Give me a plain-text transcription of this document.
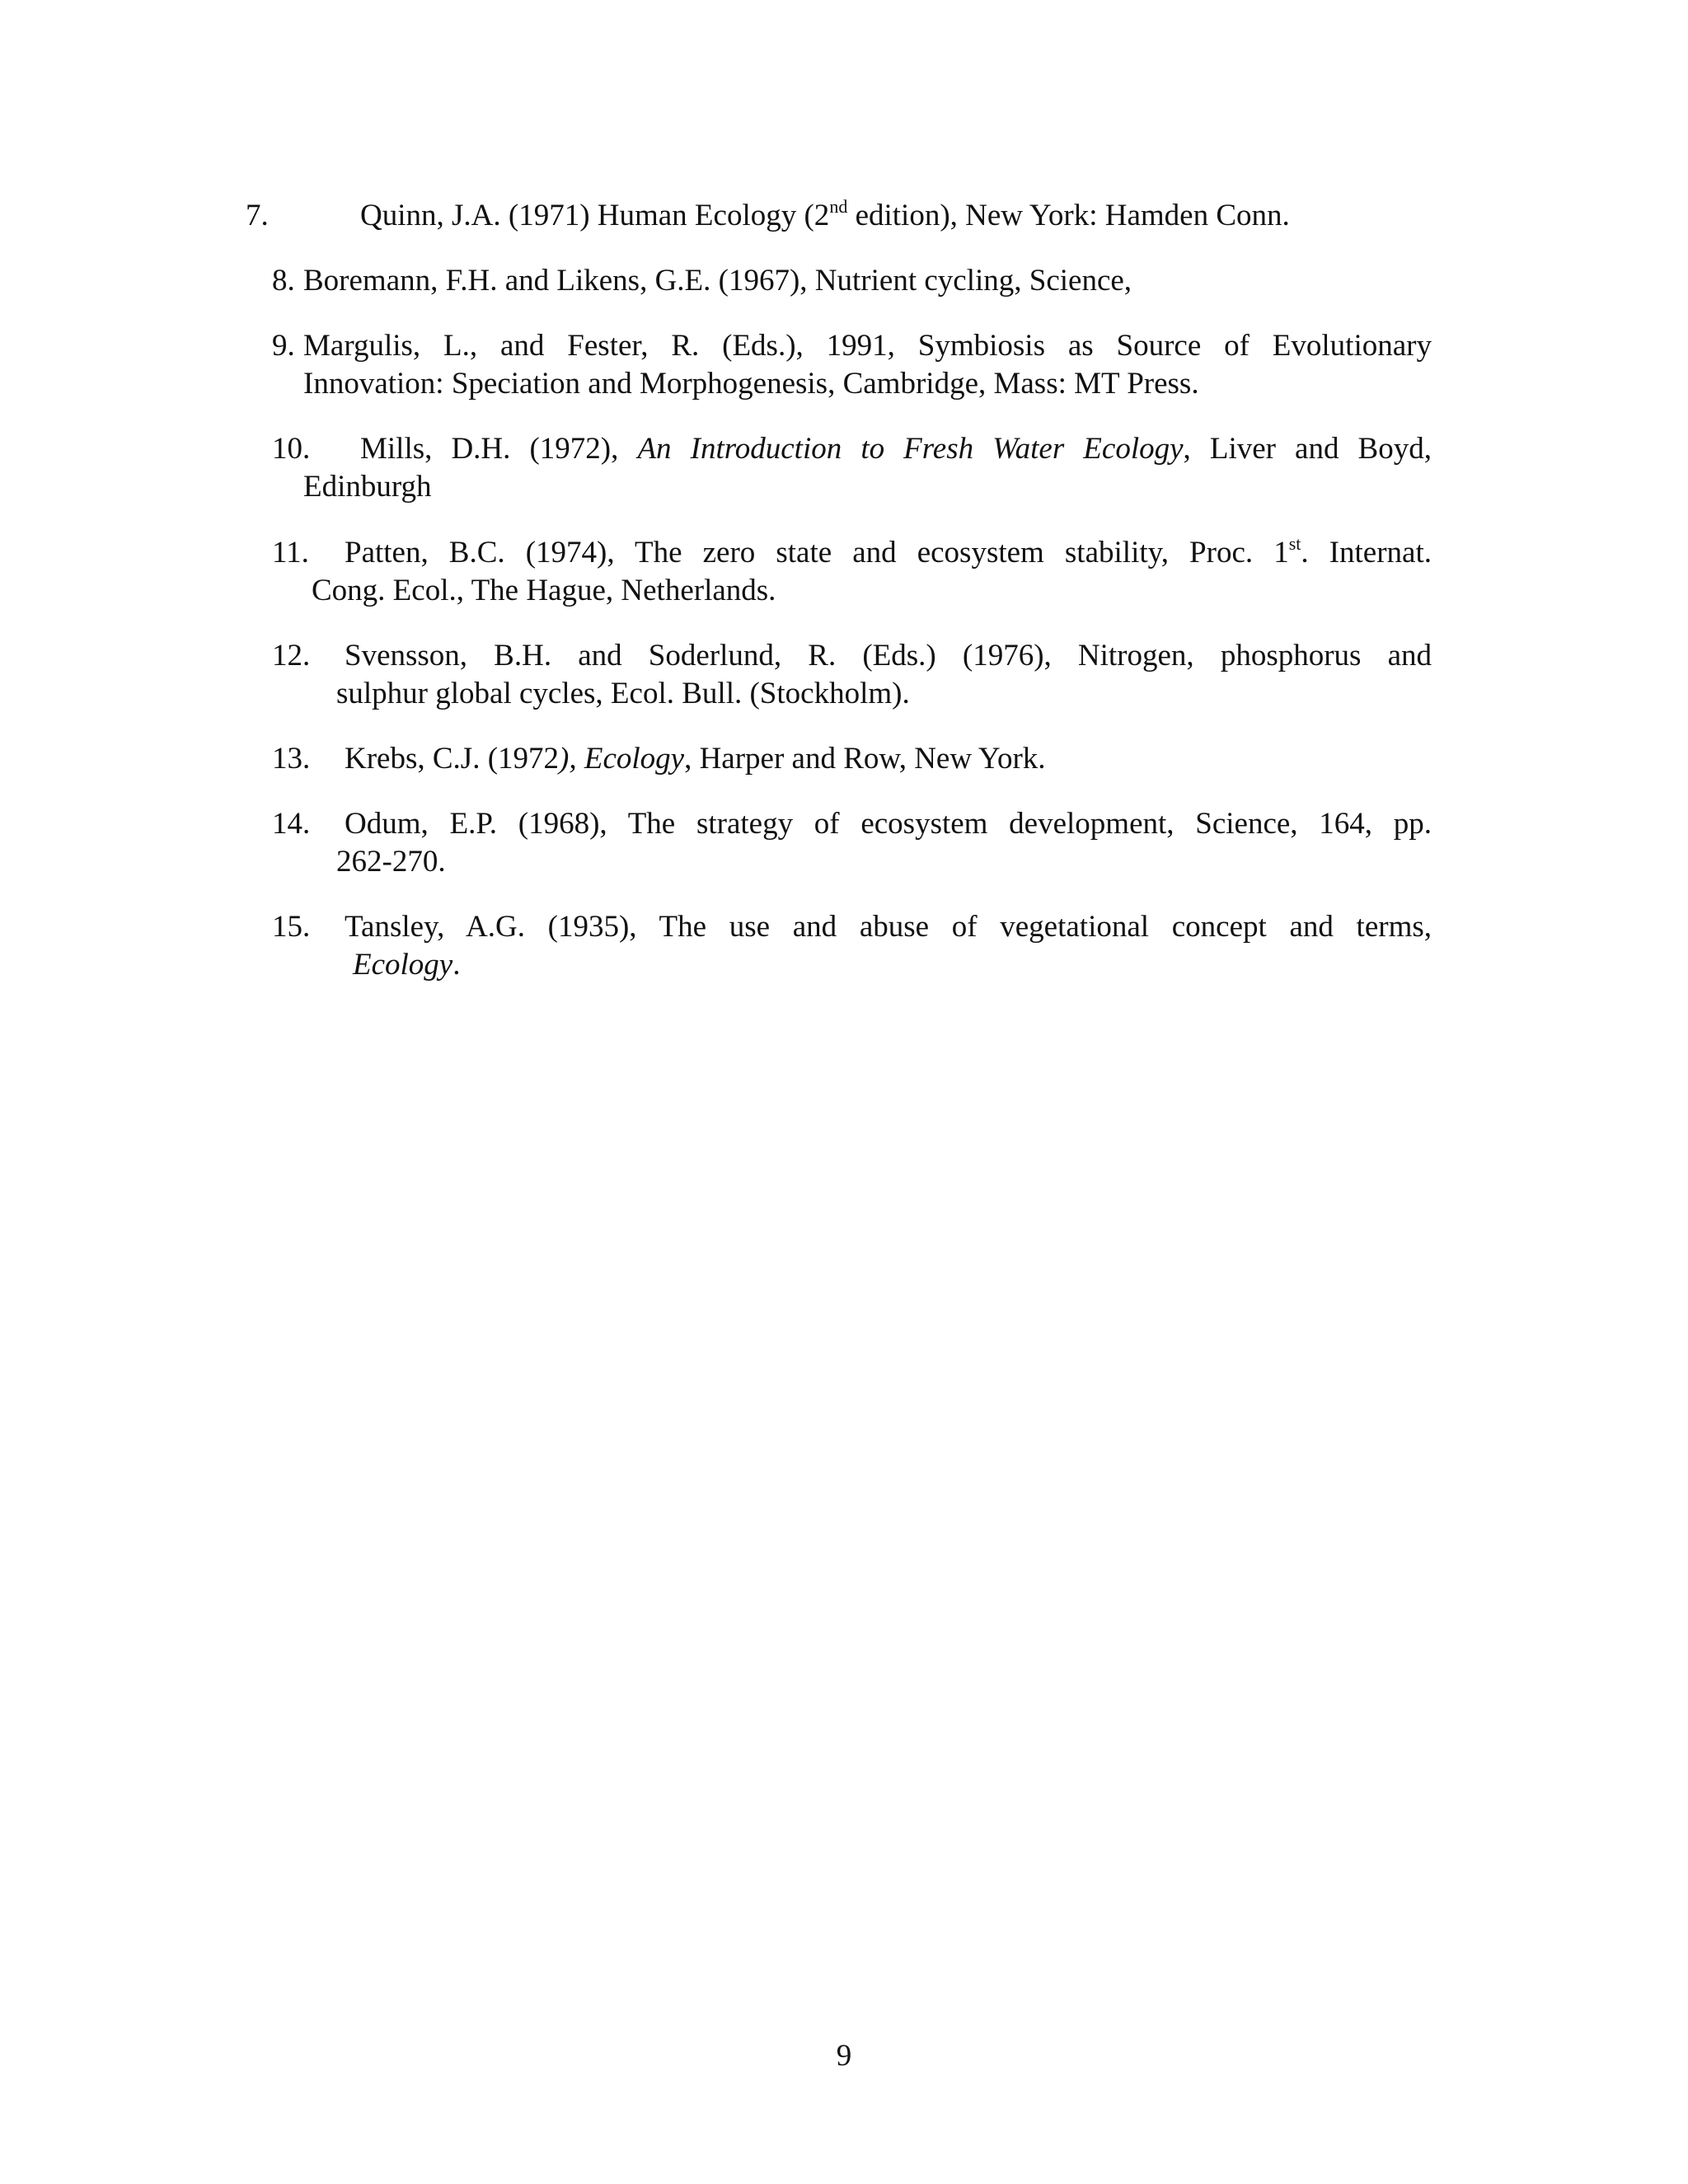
7.	Quinn, J.A. (1971) Human Ecology (2nd edition), New York: Hamden Conn.
8. Boremann, F.H. and Likens, G.E. (1967), Nutrient cycling, Science,
9. Margulis, L., and Fester, R. (Eds.), 1991, Symbiosis as Source of Evolutionary
Innovation: Speciation and Morphogenesis, Cambridge, Mass: MT Press.
10. Mills, D.H. (1972), An Introduction to Fresh Water Ecology, Liver and Boyd,
Edinburgh
11. Patten, B.C. (1974), The zero state and ecosystem stability, Proc. 1st. Internat.
Cong. Ecol., The Hague, Netherlands.
12. Svensson, B.H. and Soderlund, R. (Eds.) (1976), Nitrogen, phosphorus and
sulphur global cycles, Ecol. Bull. (Stockholm).
13. Krebs, C.J. (1972), Ecology, Harper and Row, New York.
14. Odum, E.P. (1968), The strategy of ecosystem development, Science, 164, pp.
262-270.
15. Tansley, A.G. (1935), The use and abuse of vegetational concept and terms,
Ecology.
9
